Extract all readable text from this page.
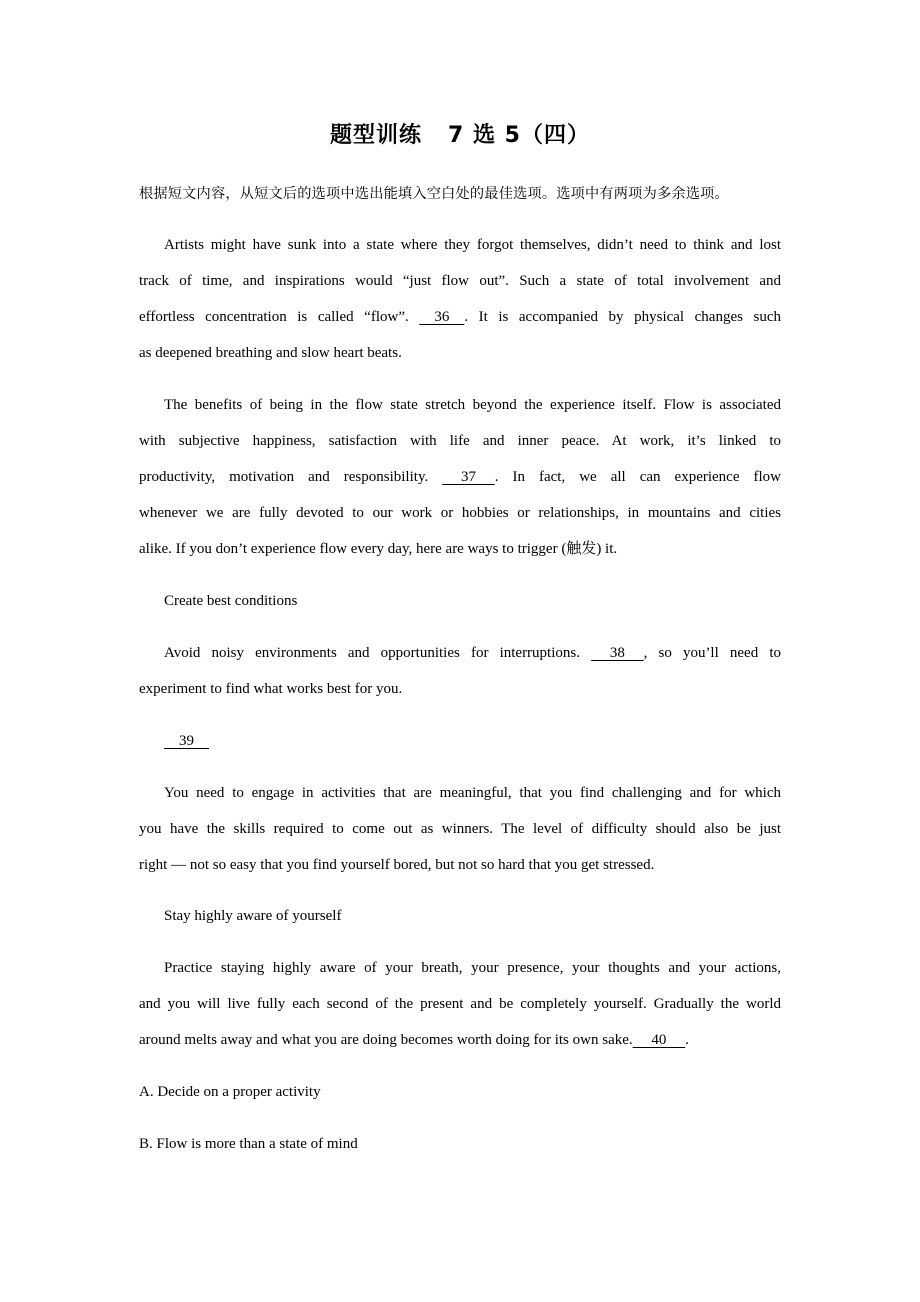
题型训练 7 选 5（四）
根据短文内容，从短文后的选项中选出能填入空白处的最佳选项。选项中有两项为多余选项。
Artists might have sunk into a state where they forgot themselves, didn’t need to think and lost
track of time, and inspirations would “just flow out”. Such a state of total involvement and
effortless concentration is called “flow”.     36    . It is accompanied by physical changes such
as deepened breathing and slow heart beats.
The benefits of being in the flow state stretch beyond the experience itself. Flow is associated
with subjective happiness, satisfaction with life and inner peace. At work, it’s linked to
productivity, motivation and responsibility.      37     . In fact, we all can experience flow
whenever we are fully devoted to our work or hobbies or relationships, in mountains and cities
alike. If you don’t experience flow every day, here are ways to trigger (触发) it.
Create best conditions
Avoid noisy environments and opportunities for interruptions.      38     , so you’ll need to
experiment to find what works best for you.
39
You need to engage in activities that are meaningful, that you find challenging and for which
you have the skills required to come out as winners. The level of difficulty should also be just
right — not so easy that you find yourself bored, but not so hard that you get stressed.
Stay highly aware of yourself
Practice staying highly aware of your breath, your presence, your thoughts and your actions,
and you will live fully each second of the present and be completely yourself. Gradually the world
around melts away and what you are doing becomes worth doing for its own sake.     40     .
A. Decide on a proper activity
B. Flow is more than a state of mind
